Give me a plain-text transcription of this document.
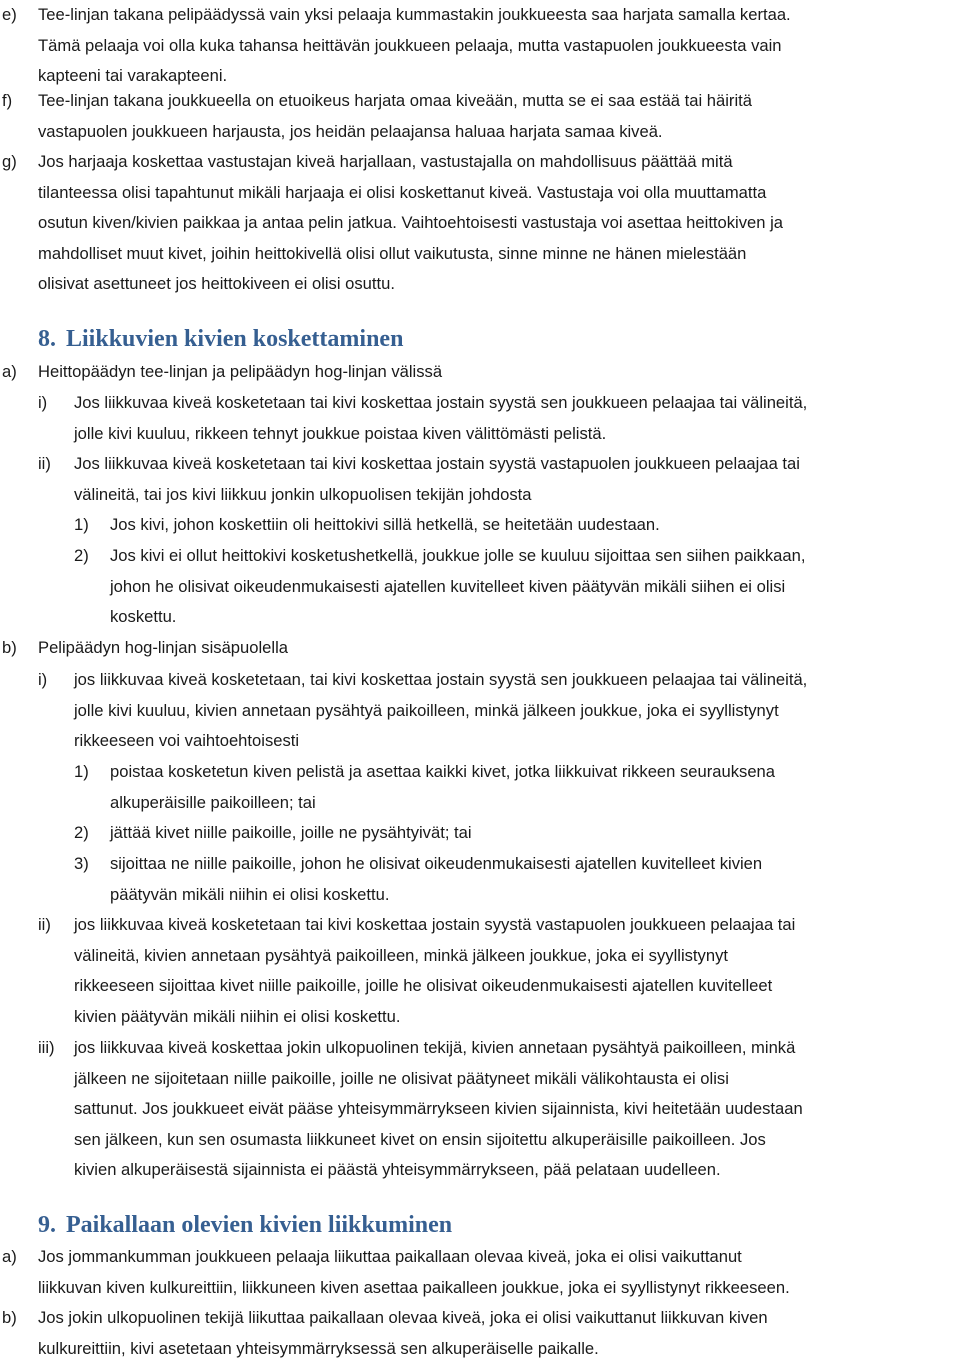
e) Tee-linjan takana pelipäädyssä vain yksi pelaaja kummastakin joukkueesta saa harjata samalla kertaa.
Tämä pelaaja voi olla kuka tahansa heittävän joukkueen pelaaja, mutta vastapuolen joukkueesta vain
kapteeni tai varakapteeni.
f) Tee-linjan takana joukkueella on etuoikeus harjata omaa kiveään, mutta se ei saa estää tai häiritä
vastapuolen joukkueen harjausta, jos heidän pelaajansa haluaa harjata samaa kiveä.
g) Jos harjaaja koskettaa vastustajan kiveä harjallaan, vastustajalla on mahdollisuus päättää mitä
tilanteessa olisi tapahtunut mikäli harjaaja ei olisi koskettanut kiveä. Vastustaja voi olla muuttamatta
osutun kiven/kivien paikkaa ja antaa pelin jatkua. Vaihtoehtoisesti vastustaja voi asettaa heittokiven ja
mahdolliset muut kivet, joihin heittokivellä olisi ollut vaikutusta, sinne minne ne hänen mielestään
olisivat asettuneet jos heittokiveen ei olisi osuttu.
8. Liikkuvien kivien koskettaminen
a) Heittopäädyn tee-linjan ja pelipäädyn hog-linjan välissä
i) Jos liikkuvaa kiveä kosketetaan tai kivi koskettaa jostain syystä sen joukkueen pelaajaa tai välineitä,
jolle kivi kuuluu, rikkeen tehnyt joukkue poistaa kiven välittömästi pelistä.
ii) Jos liikkuvaa kiveä kosketetaan tai kivi koskettaa jostain syystä vastapuolen joukkueen pelaajaa tai
välineitä, tai jos kivi liikkuu jonkin ulkopuolisen tekijän johdosta
1) Jos kivi, johon koskettiin oli heittokivi sillä hetkellä, se heitetään uudestaan.
2) Jos kivi ei ollut heittokivi kosketushetkellä, joukkue jolle se kuuluu sijoittaa sen siihen paikkaan,
johon he olisivat oikeudenmukaisesti ajatellen kuvitelleet kiven päätyvän mikäli siihen ei olisi
koskettu.
b) Pelipäädyn hog-linjan sisäpuolella
i) jos liikkuvaa kiveä kosketetaan, tai kivi koskettaa jostain syystä sen joukkueen pelaajaa tai välineitä,
jolle kivi kuuluu, kivien annetaan pysähtyä paikoilleen, minkä jälkeen joukkue, joka ei syyllistynyt
rikkeeseen voi vaihtoehtoisesti
1) poistaa kosketetun kiven pelistä ja asettaa kaikki kivet, jotka liikkuivat rikkeen seurauksena
alkuperäisille paikoilleen; tai
2) jättää kivet niille paikoille, joille ne pysähtyivät; tai
3) sijoittaa ne niille paikoille, johon he olisivat oikeudenmukaisesti ajatellen kuvitelleet kivien
päätyvän mikäli niihin ei olisi koskettu.
ii) jos liikkuvaa kiveä kosketetaan tai kivi koskettaa jostain syystä vastapuolen joukkueen pelaajaa tai
välineitä, kivien annetaan pysähtyä paikoilleen, minkä jälkeen joukkue, joka ei syyllistynyt
rikkeeseen sijoittaa kivet niille paikoille, joille he olisivat oikeudenmukaisesti ajatellen kuvitelleet
kivien päätyvän mikäli niihin ei olisi koskettu.
iii) jos liikkuvaa kiveä koskettaa jokin ulkopuolinen tekijä, kivien annetaan pysähtyä paikoilleen, minkä
jälkeen ne sijoitetaan niille paikoille, joille ne olisivat päätyneet mikäli välikohtausta ei olisi
sattunut. Jos joukkueet eivät pääse yhteisymmärrykseen kivien sijainnista, kivi heitetään uudestaan
sen jälkeen, kun sen osumasta liikkuneet kivet on ensin sijoitettu alkuperäisille paikoilleen. Jos
kivien alkuperäisestä sijainnista ei päästä yhteisymmärrykseen, pää pelataan uudelleen.
9. Paikallaan olevien kivien liikkuminen
a) Jos jommankumman joukkueen pelaaja liikuttaa paikallaan olevaa kiveä, joka ei olisi vaikuttanut
liikkuvan kiven kulkureittiin, liikkuneen kiven asettaa paikalleen joukkue, joka ei syyllistynyt rikkeeseen.
b) Jos jokin ulkopuolinen tekijä liikuttaa paikallaan olevaa kiveä, joka ei olisi vaikuttanut liikkuvan kiven
kulkureittiin, kivi asetetaan yhteisymmärryksessä sen alkuperäiselle paikalle.
